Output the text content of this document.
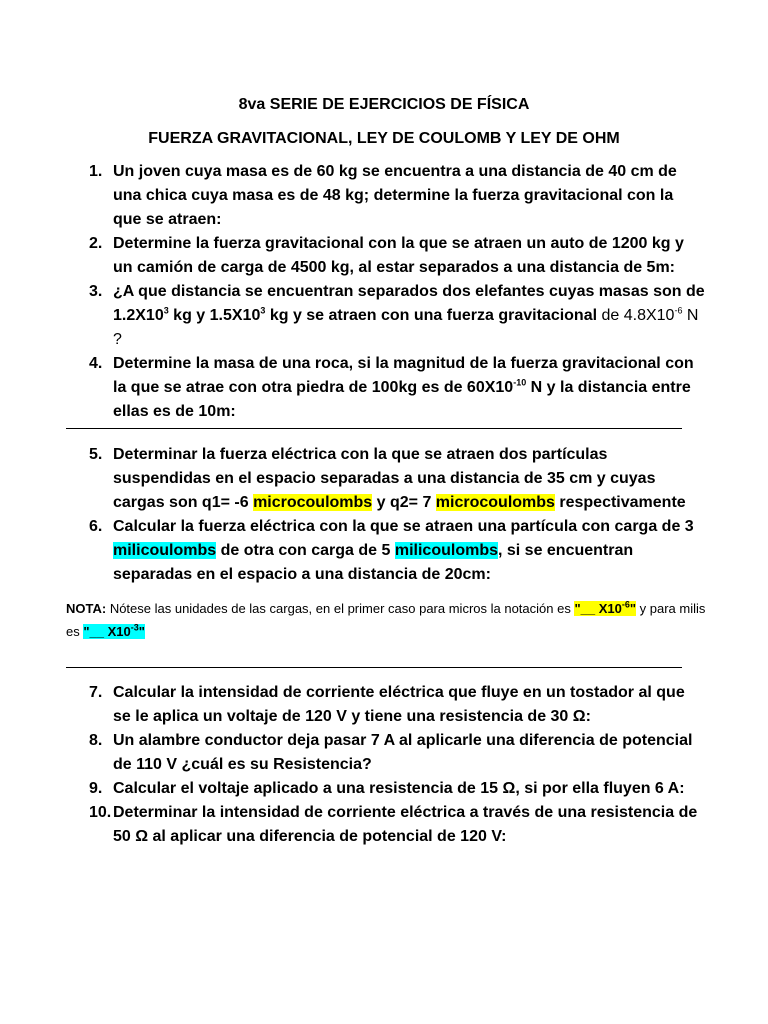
8va SERIE DE EJERCICIOS DE FÍSICA
FUERZA GRAVITACIONAL, LEY DE COULOMB Y LEY DE OHM
1. Un joven cuya masa es de 60 kg se encuentra a una distancia de 40 cm de una chica cuya masa es de 48 kg; determine la fuerza gravitacional con la que se atraen:
2. Determine la fuerza gravitacional con la que se atraen un auto de 1200 kg y un camión de carga de 4500 kg, al estar separados a una distancia de 5m:
3. ¿A que distancia se encuentran separados dos elefantes cuyas masas son de $1.2X10^3$ kg y $1.5X10^3$ kg y se atraen con una fuerza gravitacional de $4.8X10^{-6}$ N ?
4. Determine la masa de una roca, si la magnitud de la fuerza gravitacional con la que se atrae con otra piedra de 100kg es de $60X10^{-10}$ N y la distancia entre ellas es de 10m:
5. Determinar la fuerza eléctrica con la que se atraen dos partículas suspendidas en el espacio separadas a una distancia de 35 cm y cuyas cargas son q1= -6 microcoulombs y q2= 7 microcoulombs respectivamente
6. Calcular la fuerza eléctrica con la que se atraen una partícula con carga de 3 milicoulombs de otra con carga de 5 milicoulombs, si se encuentran separadas en el espacio a una distancia de 20cm:
NOTA: Nótese las unidades de las cargas, en el primer caso para micros la notación es "__ $X10^{-6}$" y para milis es "__ $X10^{-3}$"
7. Calcular la intensidad de corriente eléctrica que fluye en un tostador al que se le aplica un voltaje de 120 V y tiene una resistencia de 30 Ω:
8. Un alambre conductor deja pasar 7 A al aplicarle una diferencia de potencial de 110 V ¿cuál es su Resistencia?
9. Calcular el voltaje aplicado a una resistencia de 15 Ω, si por ella fluyen 6 A:
10. Determinar la intensidad de corriente eléctrica a través de una resistencia de 50 Ω al aplicar una diferencia de potencial de 120 V:
